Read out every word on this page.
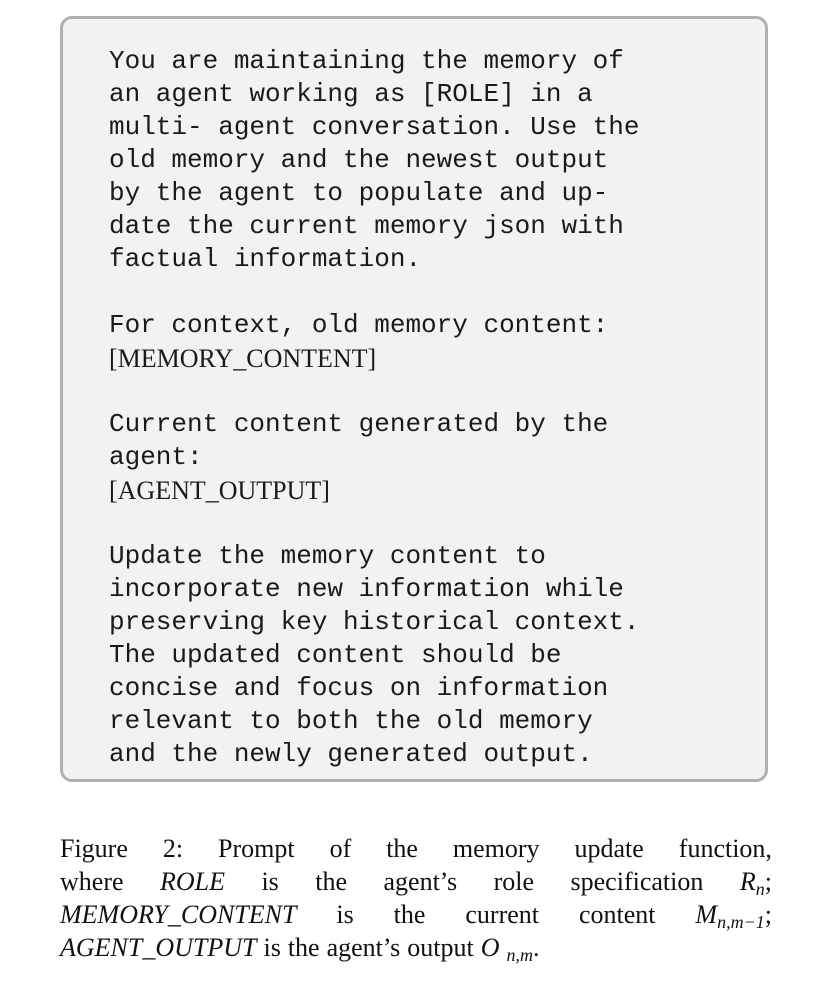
You are maintaining the memory of
an agent working as [ROLE] in a
multi- agent conversation. Use the
old memory and the newest output
by the agent to populate and up-
date the current memory json with
factual information.
For context, old memory content:
[MEMORY_CONTENT]
Current content generated by the
agent:
[AGENT_OUTPUT]
Update the memory content to
incorporate new information while
preserving key historical context.
The updated content should be
concise and focus on information
relevant to both the old memory
and the newly generated output.
Figure 2: Prompt of the memory update function,
where ROLE is the agent’s role specification $R_n$;
MEMORY_CONTENT is the current content $M_{n,m-1}$;
AGENT_OUTPUT is the agent’s output O $_{n,m}$.
